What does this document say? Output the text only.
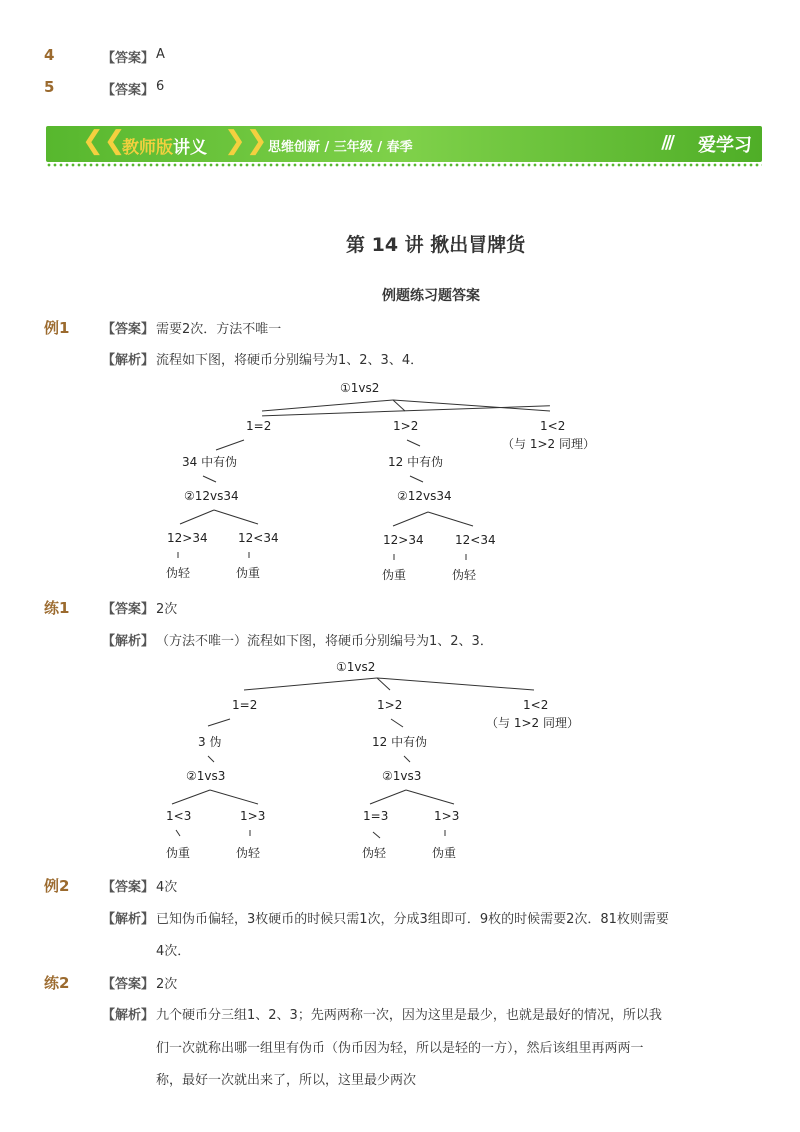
4	【答案】 A
5	【答案】 6
❮❮
教师版讲义 ❯❯ 思维创新 / 三年级 / 春季	/// 爱学习
第 14 讲 揪出冒牌货
例题练习题答案
例1	【答案】 需要2次．方法不唯一
【解析】 流程如下图，将硬币分别编号为1、2、3、4．
①1vs2
1=2	1>2	1<2
（与 1>2 同理）
34 中有伪	12 中有伪
②12vs34	②12vs34
12>34	12<34	12>34	12<34
伪轻	伪重	伪重	伪轻
练1	【答案】 2次
【解析】 （方法不唯一）流程如下图，将硬币分别编号为1、2、3．
①1vs2
1=2	1>2	1<2
（与 1>2 同理）
3 伪	12 中有伪
②1vs3	②1vs3
1<3	1>3	1=3	1>3
伪重	伪轻	伪轻	伪重
例2	【答案】 4次
【解析】 已知伪币偏轻，3枚硬币的时候只需1次，分成3组即可．9枚的时候需要2次．81枚则需要
4次．
练2	【答案】 2次
【解析】 九个硬币分三组1、2、3；先两两称一次，因为这里是最少，也就是最好的情况，所以我
们一次就称出哪一组里有伪币（伪币因为轻，所以是轻的一方），然后该组里再两两一
称，最好一次就出来了，所以，这里最少两次
